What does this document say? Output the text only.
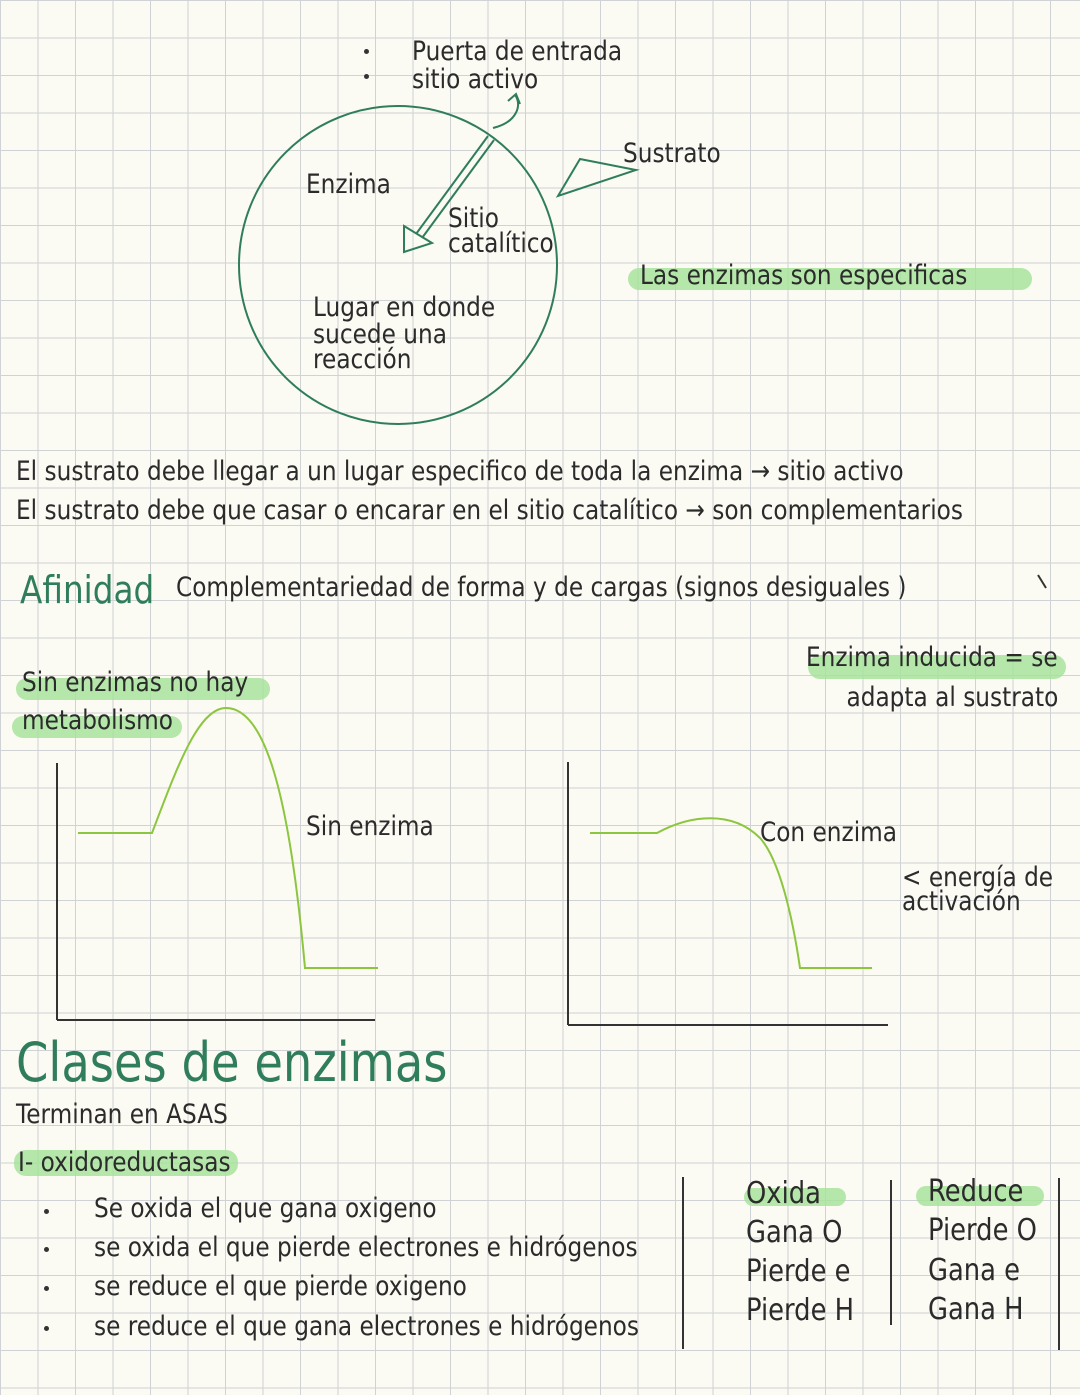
Puerta de entrada
sitio activo
Enzima
Sustrato
Sitio
catalítico
Lugar en donde
sucede una
reacción
Las enzimas son especificas
El sustrato debe llegar a un lugar especifico de toda la enzima → sitio activo
El sustrato debe que casar o encarar en el sitio catalítico → son complementarios
Afinidad Complementariedad de forma y de cargas (signos desiguales )
Enzima inducida = se
adapta al sustrato
Sin enzimas no hay
metabolismo
Sin enzima	Con enzima
< energía de
activación
Clases de enzimas
Terminan en ASAS
I- oxidoreductasas
Se oxida el que gana oxigeno
se oxida el que pierde electrones e hidrógenos
se reduce el que pierde oxigeno
se reduce el que gana electrones e hidrógenos
Oxida
Gana O
Pierde e
Pierde H
Reduce
Pierde O
Gana e
Gana H
